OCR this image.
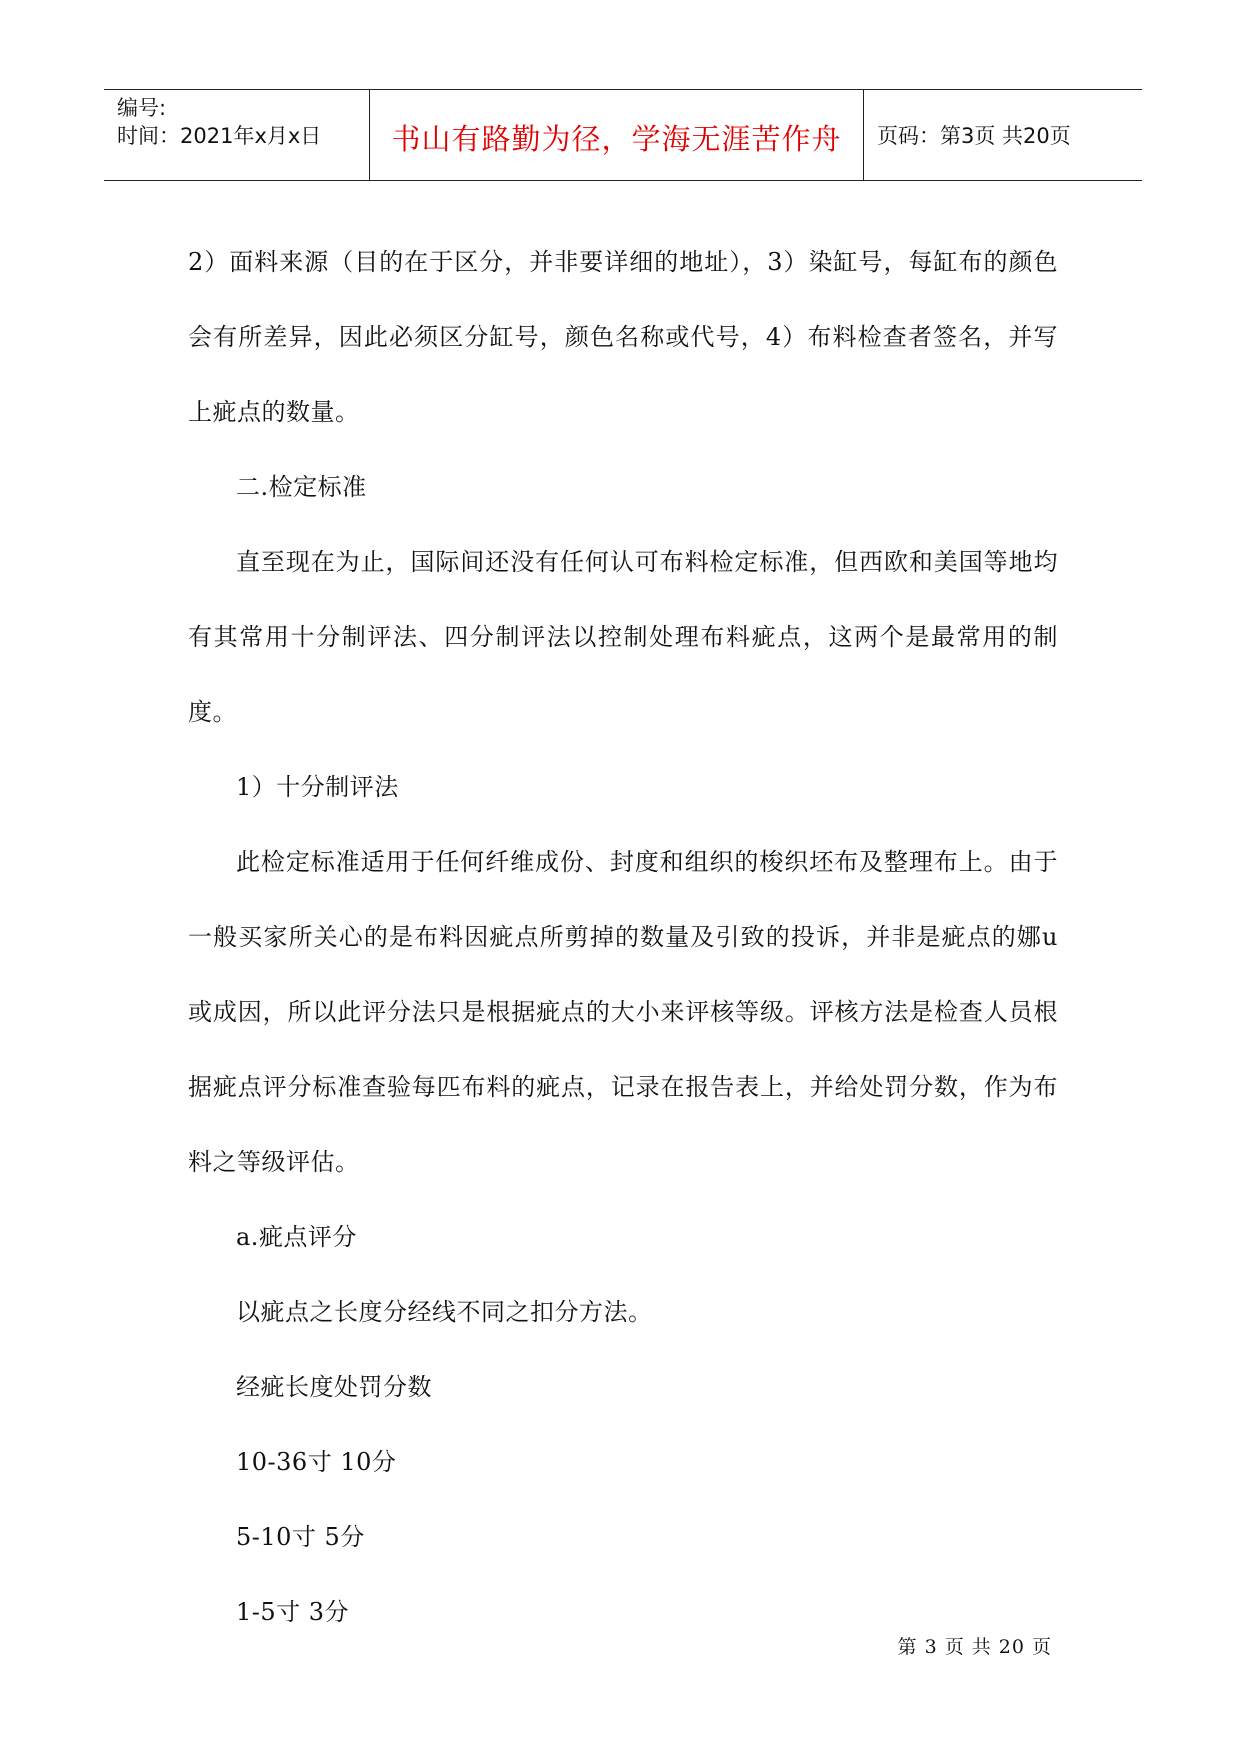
编号:
时间：2021年x月x日	书山有路勤为径，学海无涯苦作舟 页码：第3页 共20页

2）面料来源（目的在于区分，并非要详细的地址），3）染缸号，每缸布的颜色会有所差异，因此必须区分缸号，颜色名称或代号，4）布料检查者签名，并写上疵点的数量。

二.检定标准

直至现在为止，国际间还没有任何认可布料检定标准，但西欧和美国等地均有其常用十分制评法、四分制评法以控制处理布料疵点，这两个是最常用的制度。

1）十分制评法

此检定标准适用于任何纤维成份、封度和组织的梭织坯布及整理布上。由于一般买家所关心的是布料因疵点所剪掉的数量及引致的投诉，并非是疵点的娜u或成因，所以此评分法只是根据疵点的大小来评核等级。评核方法是检查人员根据疵点评分标准查验每匹布料的疵点，记录在报告表上，并给处罚分数，作为布料之等级评估。

a.疵点评分

以疵点之长度分经线不同之扣分方法。

经疵长度处罚分数

10-36寸 10分

5-10寸 5分

1-5寸 3分

第 3 页 共 20 页
